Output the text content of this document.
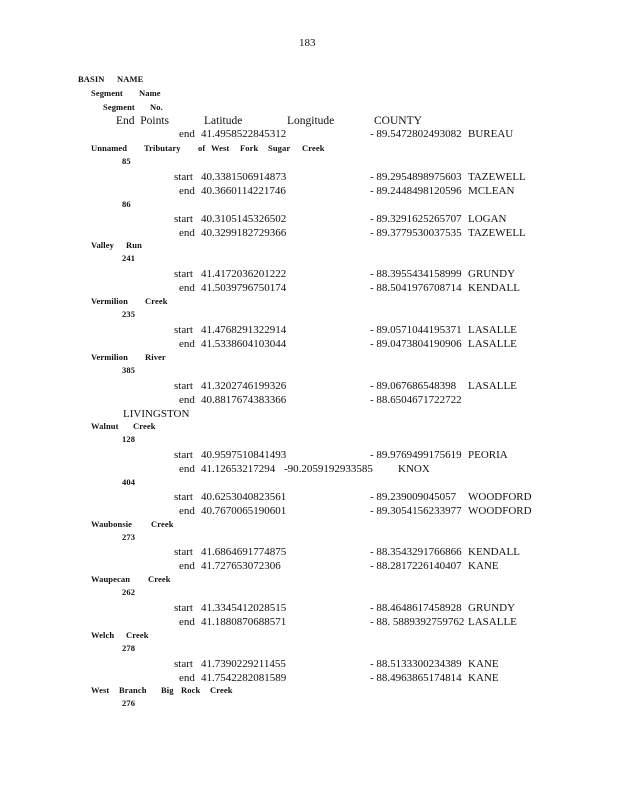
183
BASIN NAME
Segment Name
Segment No.
End  Points	Latitude	Longitude	COUNTY
end 41.4958522845312	- 89.5472802493082 BUREAU
Unnamed Tributary of West Fork Sugar Creek
85
start 40.3381506914873	- 89.2954898975603 TAZEWELL
end 40.3660114221746	- 89.2448498120596 MCLEAN
86
start 40.3105145326502	- 89.3291625265707 LOGAN
end 40.3299182729366	- 89.3779530037535 TAZEWELL
Valley Run
241
start 41.4172036201222	- 88.3955434158999 GRUNDY
end 41.5039796750174	- 88.5041976708714 KENDALL
Vermilion Creek
235
start 41.4768291322914	- 89.0571044195371 LASALLE
end 41.5338604103044	- 89.0473804190906 LASALLE
Vermilion River
385
start 41.3202746199326	- 89.067686548398 LASALLE
end 40.8817674383366	- 88.6504671722722
LIVINGSTON
Walnut Creek
128
start 40.9597510841493	- 89.9769499175619 PEORIA
end 41.12653217294 -90.2059192933585 KNOX
404
start 40.6253040823561	- 89.239009045057 WOODFORD
end 40.7670065190601	- 89.3054156233977 WOODFORD
Waubonsie Creek
273
start 41.6864691774875	- 88.3543291766866 KENDALL
end 41.727653072306	- 88.2817226140407 KANE
Waupecan Creek
262
start 41.3345412028515	- 88.4648617458928 GRUNDY
end 41.1880870688571	- 88. 5889392759762 LASALLE
Welch Creek
278
start 41.7390229211455	- 88.5133300234389 KANE
end 41.7542282081589	- 88.4963865174814 KANE
West Branch Big Rock Creek
276
